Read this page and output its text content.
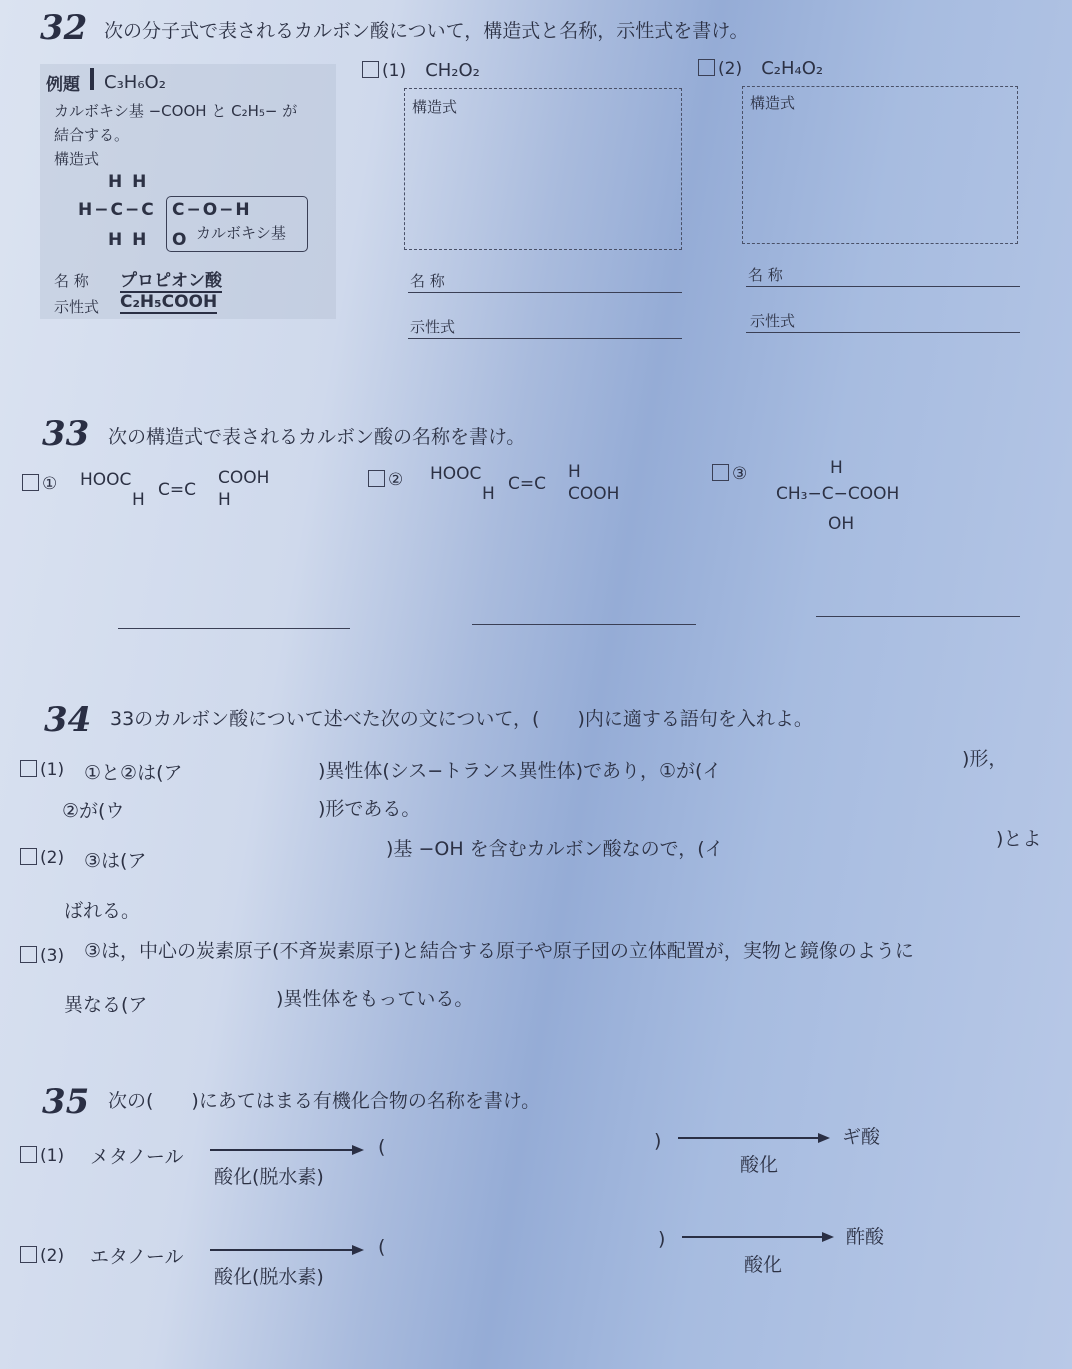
32 次の分子式で表されるカルボン酸について，構造式と名称，示性式を書け。
例題 C₃H₆O₂
カルボキシ基 −COOH と C₂H₅− が
結合する。
構造式
H H
H−C−C C−O−H
H H O カルボキシ基
名 称 プロピオン酸
示性式 C₂H₅COOH
(1) CH₂O₂
構造式
名 称
示性式
(2) C₂H₄O₂
構造式
名 称
示性式
33 次の構造式で表されるカルボン酸の名称を書け。
① HOOC C=C
COOH
H	H
② HOOC C=C
H
H	COOH
③	H
CH₃−C−COOH
OH
34 33のカルボン酸について述べた次の文について，(　　)内に適する語句を入れよ。
(1) ①と②は(ア	)異性体(シス−トランス異性体)であり，①が(イ
)形，
②が(ウ	)形である。
(2) ③は(ア
)基 −OH を含むカルボン酸なので，(イ	)とよ
ばれる。
(3) ③は，中心の炭素原子(不斉炭素原子)と結合する原子や原子団の立体配置が，実物と鏡像のように
異なる(ア	)異性体をもっている。
35 次の(　　)にあてはまる有機化合物の名称を書け。
(1) メタノール
酸化(脱水素)
(	)
酸化
ギ酸
(2) エタノール
酸化(脱水素)
(	)
酸化
酢酸
